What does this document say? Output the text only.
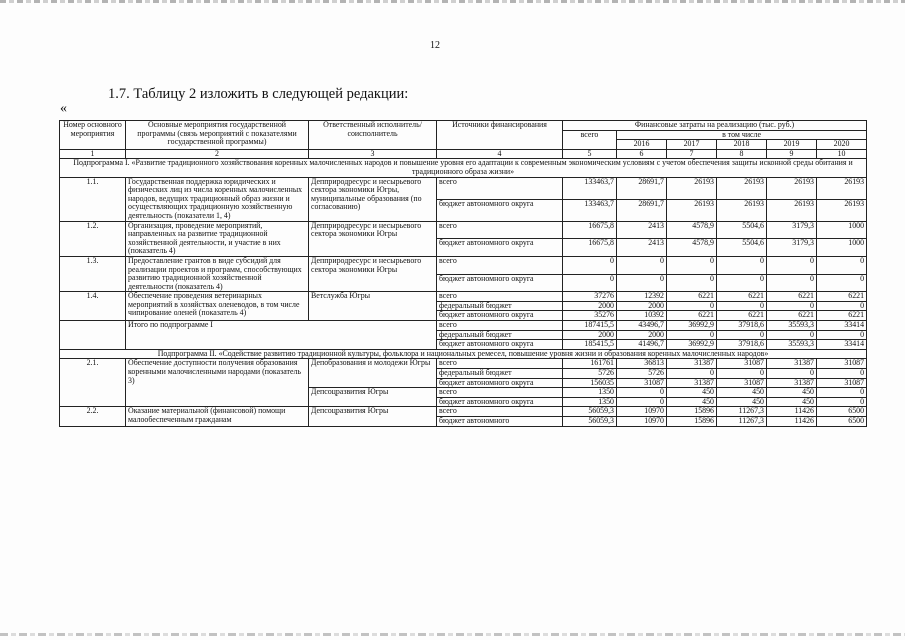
12
1.7. Таблицу 2 изложить в следующей редакции:
«
Номер основного мероприятия	Основные мероприятия государственной программы (связь мероприятий с показателями государственной программы)	Ответственный исполнитель/соисполнитель	Источники финансирования	Финансовые затраты на реализацию (тыс. руб.)					
				всего	в том числе				
					2016	2017	2018	2019	2020
1	2	3	4	5	6	7	8	9	10
Подпрограмма I. «Развитие традиционного хозяйствования коренных малочисленных народов и повышение уровня его адаптации к современным экономическим условиям с учетом обеспечения защиты исконной среды обитания и традиционного образа жизни»									
1.1.	Государственная поддержка юридических и физических лиц из числа коренных малочисленных народов, ведущих традиционный образ жизни и осуществляющих традиционную хозяйственную деятельность (показатели 1, 4)	Депприродресурс и несырьевого сектора экономики Югры, муниципальные образования (по согласованию)	всего	133463,7	28691,7	26193	26193	26193	26193
			бюджет автономного округа	133463,7	28691,7	26193	26193	26193	26193
1.2.	Организация, проведение мероприятий, направленных на развитие традиционной хозяйственной деятельности, и участие в них (показатель 4)	Депприродресурс и несырьевого сектора экономики Югры	всего	16675,8	2413	4578,9	5504,6	3179,3	1000
			бюджет автономного округа	16675,8	2413	4578,9	5504,6	3179,3	1000
1.3.	Предоставление грантов в виде субсидий для реализации проектов и программ, способствующих развитию традиционной хозяйственной деятельности (показатель 4)	Депприродресурс и несырьевого сектора экономики Югры	всего	0	0	0	0	0	0
			бюджет автономного округа	0	0	0	0	0	0
1.4.	Обеспечение проведения ветеринарных мероприятий в хозяйствах оленеводов, в том числе чипирование оленей (показатель 4)	Ветслужба Югры	всего	37276	12392	6221	6221	6221	6221
			федеральный бюджет	2000	2000	0	0	0	0
			бюджет автономного округа	35276	10392	6221	6221	6221	6221
	Итого по подпрограмме I		всего	187415,5	43496,7	36992,9	37918,6	35593,3	33414
			федеральный бюджет	2000	2000	0	0	0	0
			бюджет автономного округа	185415,5	41496,7	36992,9	37918,6	35593,3	33414
Подпрограмма II. «Содействие развитию традиционной культуры, фольклора и национальных ремесел, повышение уровня жизни и образования коренных малочисленных народов»									
2.1.	Обеспечение доступности получения образования коренными малочисленными народами (показатель 3)	Депобразования и молодежи Югры	всего	161761	36813	31387	31087	31387	31087
			федеральный бюджет	5726	5726	0	0	0	0
			бюджет автономного округа	156035	31087	31387	31087	31387	31087
		Депсоцразвития Югры	всего	1350	0	450	450	450	0
			бюджет автономного округа	1350	0	450	450	450	0
2.2.	Оказание материальной (финансовой) помощи малообеспеченным гражданам	Депсоцразвития Югры	всего	56059,3	10970	15896	11267,3	11426	6500
			бюджет автономного	56059,3	10970	15896	11267,3	11426	6500
